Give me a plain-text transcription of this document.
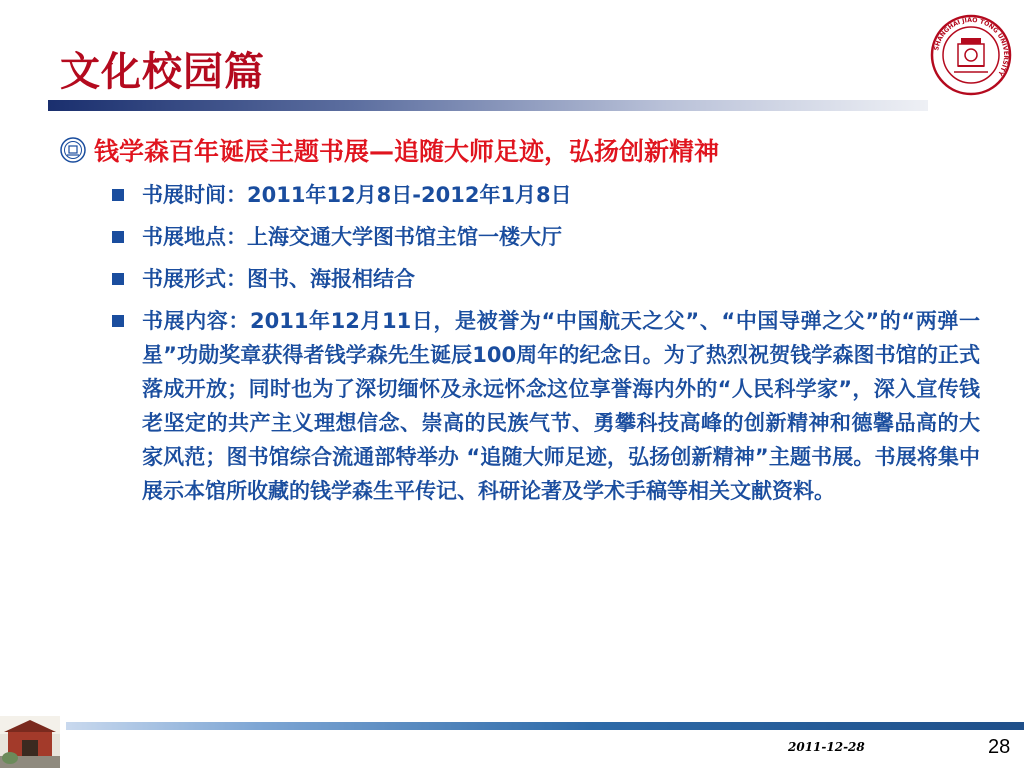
文化校园篇
SHANGHAI JIAO TONG UNIVERSITY
钱学森百年诞辰主题书展—追随大师足迹，弘扬创新精神
书展时间：2011年12月8日-2012年1月8日
书展地点：上海交通大学图书馆主馆一楼大厅
书展形式：图书、海报相结合
书展内容：2011年12月11日，是被誉为“中国航天之父”、“中国导弹之父”的“两弹一星”功勋奖章获得者钱学森先生诞辰100周年的纪念日。为了热烈祝贺钱学森图书馆的正式落成开放；同时也为了深切缅怀及永远怀念这位享誉海内外的“人民科学家”，深入宣传钱老坚定的共产主义理想信念、崇高的民族气节、勇攀科技高峰的创新精神和德馨品高的大家风范；图书馆综合流通部特举办 “追随大师足迹，弘扬创新精神”主题书展。书展将集中展示本馆所收藏的钱学森生平传记、科研论著及学术手稿等相关文献资料。
2011-12-28	28
